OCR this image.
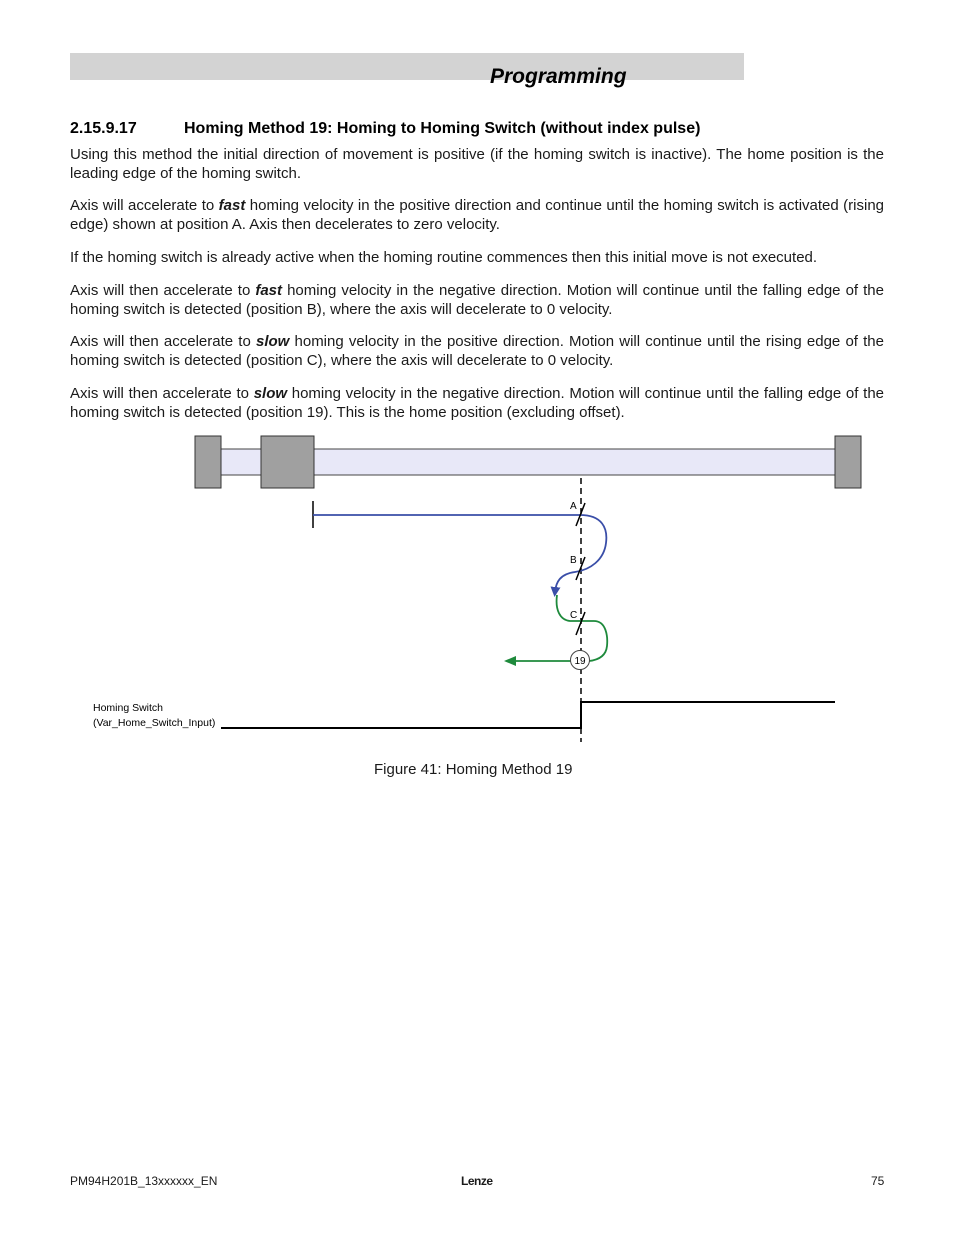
Programming
2.15.9.17	Homing Method 19: Homing to Homing Switch (without index pulse)

Using this method the initial direction of movement is positive (if the homing switch is inactive). The home position is the leading edge of the homing switch.

Axis will accelerate to fast homing velocity in the positive direction and continue until the homing switch is activated (rising edge) shown at position A. Axis then decelerates to zero velocity.

If the homing switch is already active when the homing routine commences then this initial move is not executed.

Axis will then accelerate to fast homing velocity in the negative direction. Motion will continue until the falling edge of the homing switch is detected (position B), where the axis will decelerate to 0 velocity.

Axis will then accelerate to slow homing velocity in the positive direction. Motion will continue until the rising edge of the homing switch is detected (position C), where the axis will decelerate to 0 velocity.

Axis will then accelerate to slow homing velocity in the negative direction. Motion will continue until the falling edge of the homing switch is detected (position 19). This is the home position (excluding offset).

A
B
C
19
Homing Switch
(Var_Home_Switch_Input)
Figure 41: Homing Method 19
PM94H201B_13xxxxxx_EN	Lenze	75
